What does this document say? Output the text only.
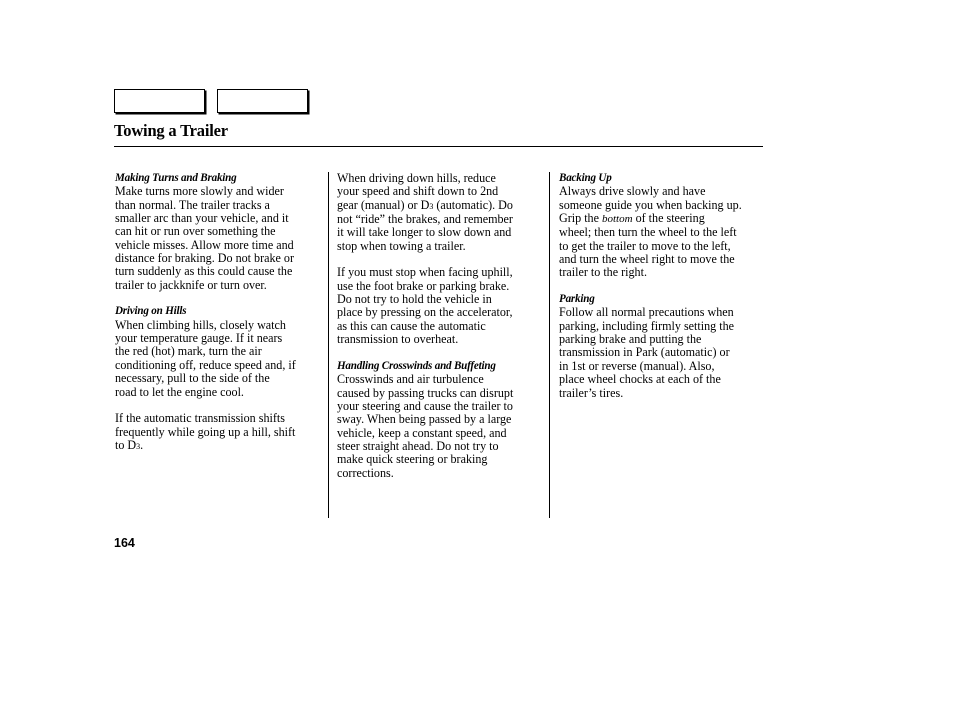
Towing a Trailer
Making Turns and Braking
Make turns more slowly and wider
than normal. The trailer tracks a
smaller arc than your vehicle, and it
can hit or run over something the
vehicle misses. Allow more time and
distance for braking. Do not brake or
turn suddenly as this could cause the
trailer to jackknife or turn over.
Driving on Hills
When climbing hills, closely watch
your temperature gauge. If it nears
the red (hot) mark, turn the air
conditioning off, reduce speed and, if
necessary, pull to the side of the
road to let the engine cool.
If the automatic transmission shifts
frequently while going up a hill, shift
to D3.
When driving down hills, reduce
your speed and shift down to 2nd
gear (manual) or D3 (automatic). Do
not “ride” the brakes, and remember
it will take longer to slow down and
stop when towing a trailer.
If you must stop when facing uphill,
use the foot brake or parking brake.
Do not try to hold the vehicle in
place by pressing on the accelerator,
as this can cause the automatic
transmission to overheat.
Handling Crosswinds and Buffeting
Crosswinds and air turbulence
caused by passing trucks can disrupt
your steering and cause the trailer to
sway. When being passed by a large
vehicle, keep a constant speed, and
steer straight ahead. Do not try to
make quick steering or braking
corrections.
Backing Up
Always drive slowly and have
someone guide you when backing up.
Grip the bottom of the steering
wheel; then turn the wheel to the left
to get the trailer to move to the left,
and turn the wheel right to move the
trailer to the right.
Parking
Follow all normal precautions when
parking, including firmly setting the
parking brake and putting the
transmission in Park (automatic) or
in 1st or reverse (manual). Also,
place wheel chocks at each of the
trailer’s tires.
164
